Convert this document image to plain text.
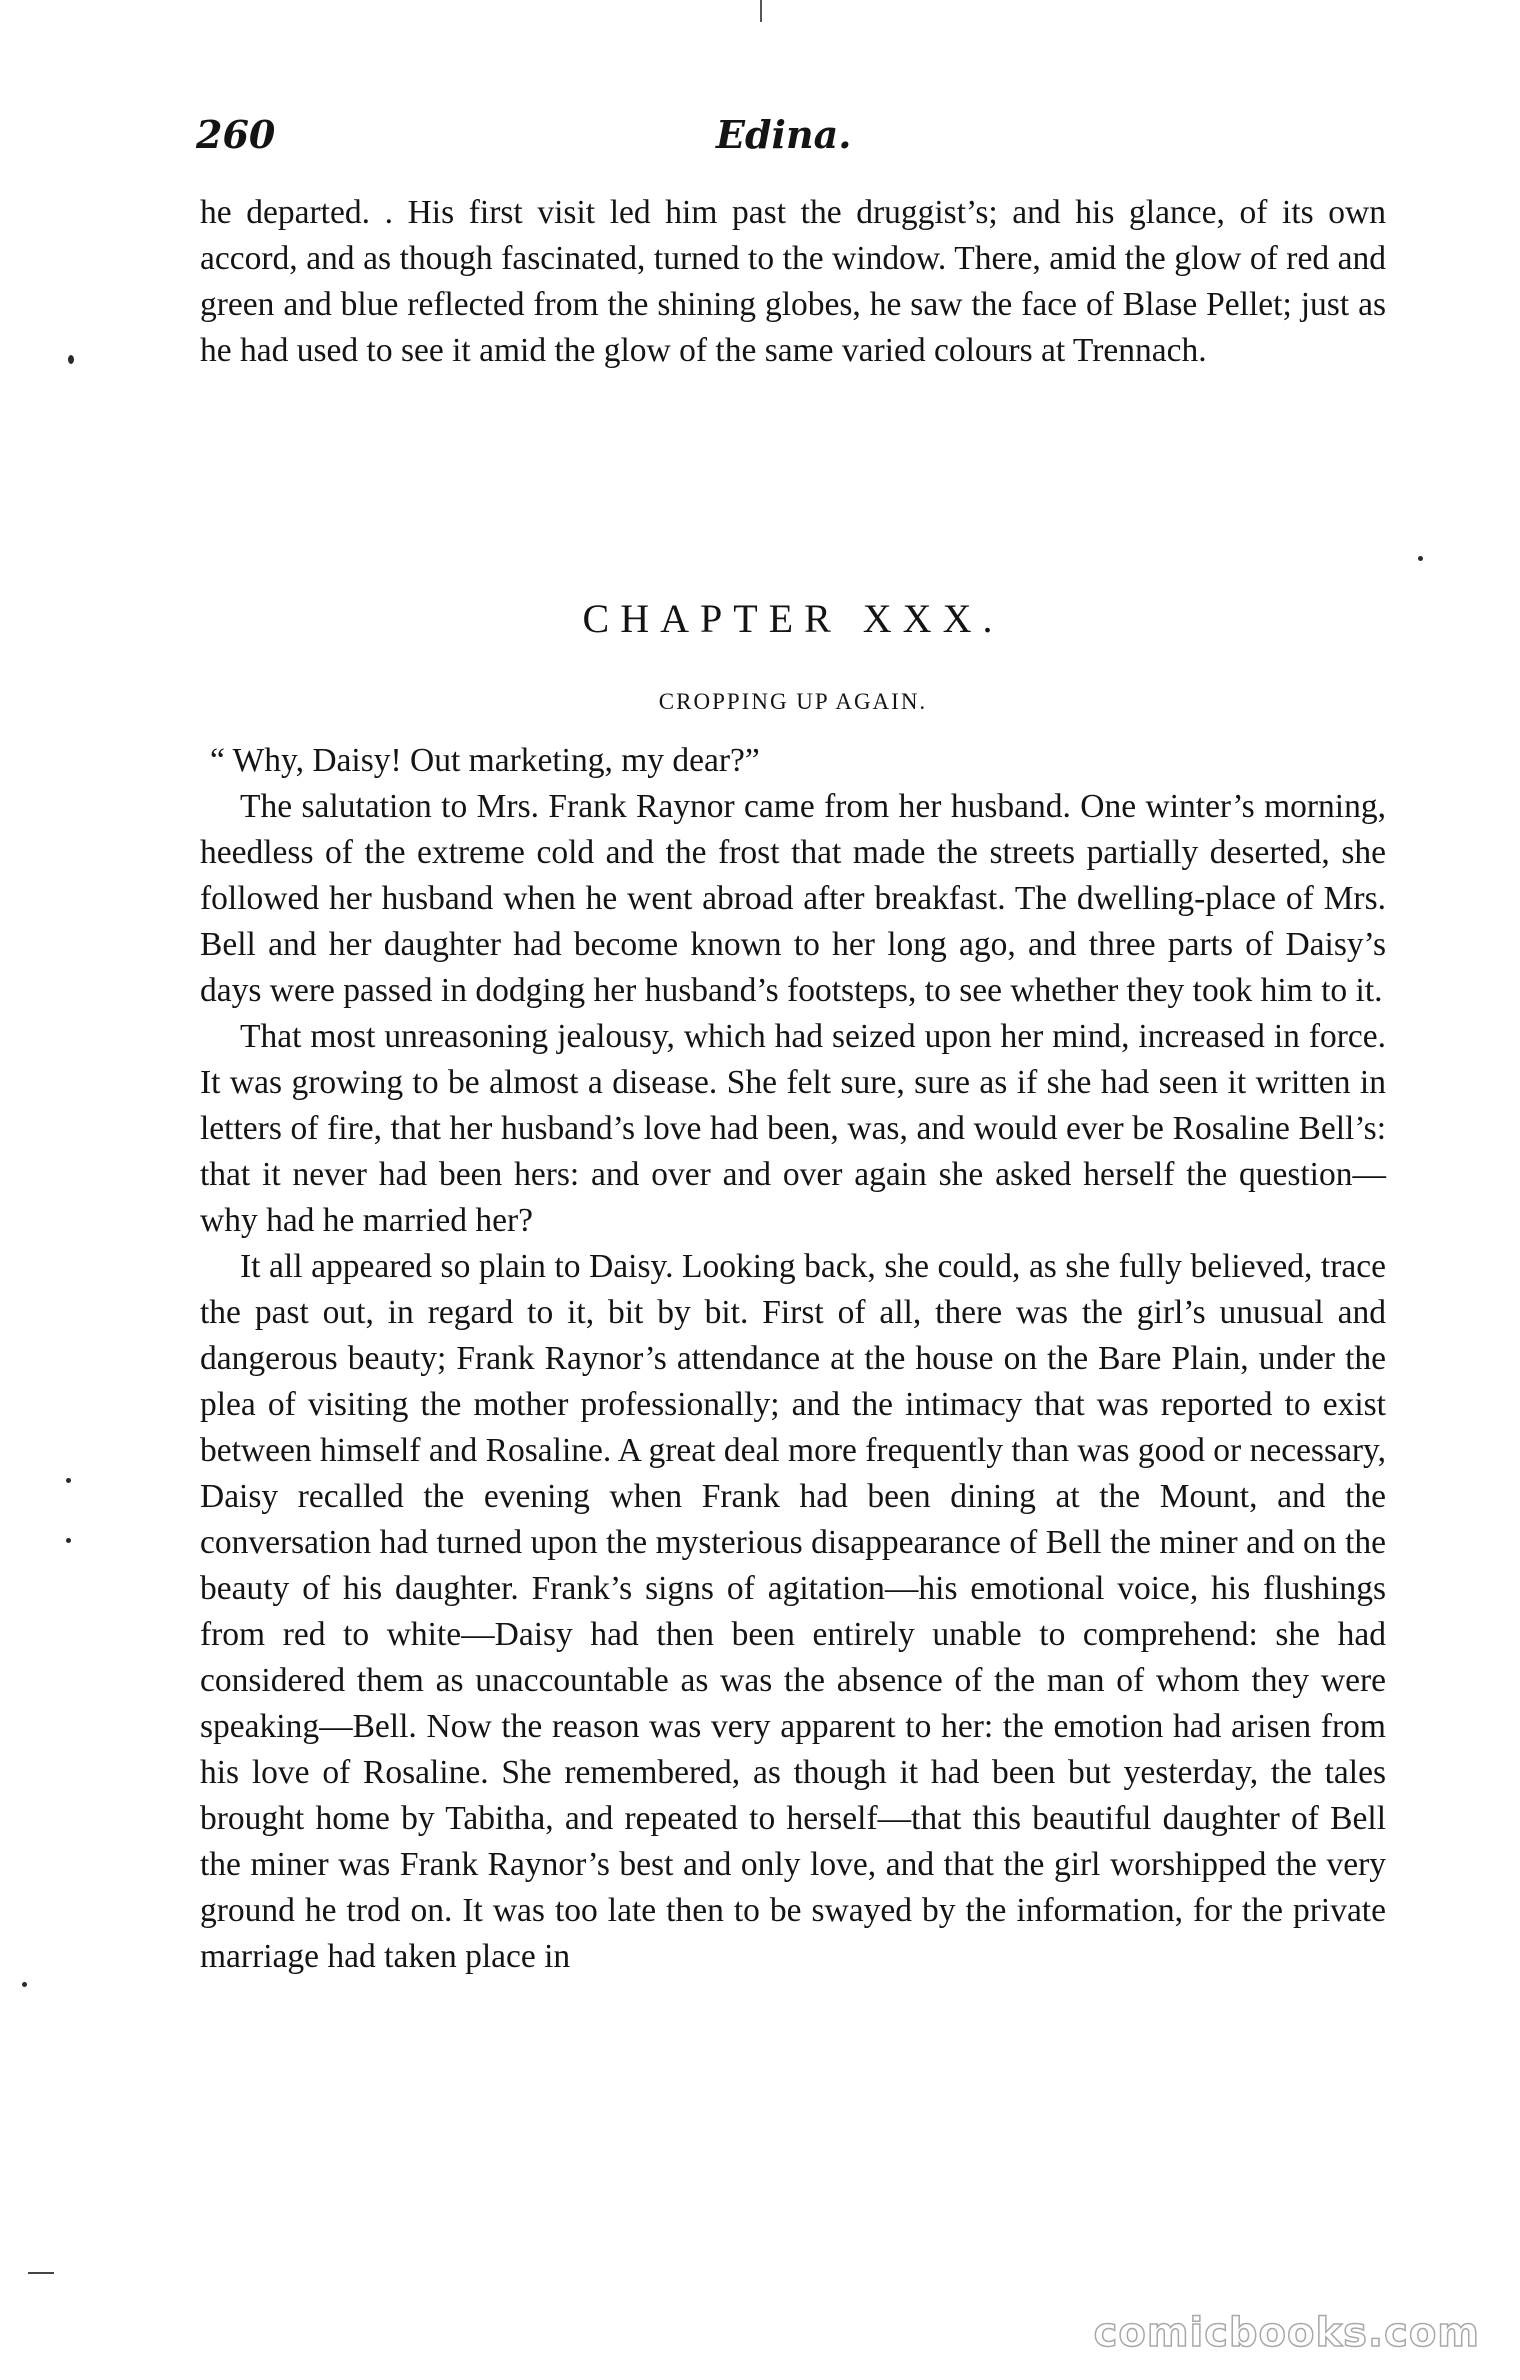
260	Edina.
he departed. . His first visit led him past the druggist’s; and his glance, of its own accord, and as though fascinated, turned to the window. There, amid the glow of red and green and blue reflected from the shining globes, he saw the face of Blase Pellet; just as he had used to see it amid the glow of the same varied colours at Trennach.
CHAPTER XXX.
CROPPING UP AGAIN.

“ Why, Daisy! Out marketing, my dear?”

The salutation to Mrs. Frank Raynor came from her husband. One winter’s morning, heedless of the extreme cold and the frost that made the streets partially deserted, she followed her husband when he went abroad after breakfast. The dwelling-place of Mrs. Bell and her daughter had become known to her long ago, and three parts of Daisy’s days were passed in dodging her husband’s footsteps, to see whether they took him to it.

That most unreasoning jealousy, which had seized upon her mind, increased in force. It was growing to be almost a disease. She felt sure, sure as if she had seen it written in letters of fire, that her husband’s love had been, was, and would ever be Rosaline Bell’s: that it never had been hers: and over and over again she asked herself the question—why had he married her?

It all appeared so plain to Daisy. Looking back, she could, as she fully believed, trace the past out, in regard to it, bit by bit. First of all, there was the girl’s unusual and dangerous beauty; Frank Raynor’s attendance at the house on the Bare Plain, under the plea of visiting the mother professionally; and the intimacy that was reported to exist between himself and Rosaline. A great deal more frequently than was good or necessary, Daisy recalled the evening when Frank had been dining at the Mount, and the conversation had turned upon the mysterious disappearance of Bell the miner and on the beauty of his daughter. Frank’s signs of agitation—his emotional voice, his flushings from red to white—Daisy had then been entirely unable to comprehend: she had considered them as unaccountable as was the absence of the man of whom they were speaking—Bell. Now the reason was very apparent to her: the emotion had arisen from his love of Rosaline. She remembered, as though it had been but yesterday, the tales brought home by Tabitha, and repeated to herself—that this beautiful daughter of Bell the miner was Frank Raynor’s best and only love, and that the girl worshipped the very ground he trod on. It was too late then to be swayed by the information, for the private marriage had taken place in

comicbooks.com
